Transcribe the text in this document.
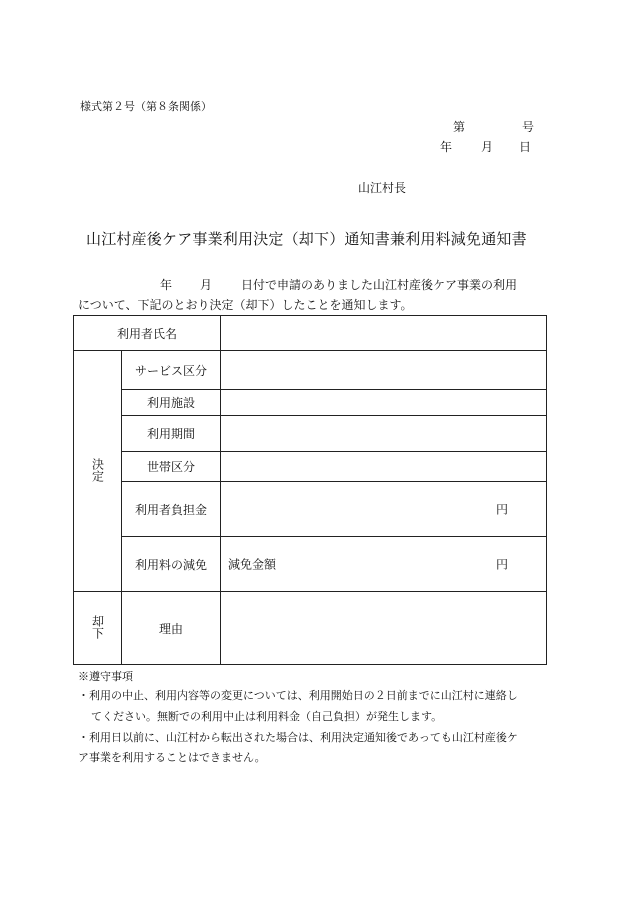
様式第２号（第８条関係）
第	号
年 月 日
山江村長
山江村産後ケア事業利用決定（却下）通知書兼利用料減免通知書
年 月 日付で申請のありました山江村産後ケア事業の利用
について、下記のとおり決定（却下）したことを通知します。
利用者氏名		
決定	サービス区分	
	利用施設	
	利用期間	
	世帯区分	
	利用者負担金	円

	利用料の減免	減免金額 円

却下	理由	
※遵守事項
・利用の中止、利用内容等の変更については、利用開始日の２日前までに山江村に連絡し
てください。無断での利用中止は利用料金（自己負担）が発生します。
・利用日以前に、山江村から転出された場合は、利用決定通知後であっても山江村産後ケ
ア事業を利用することはできません。
